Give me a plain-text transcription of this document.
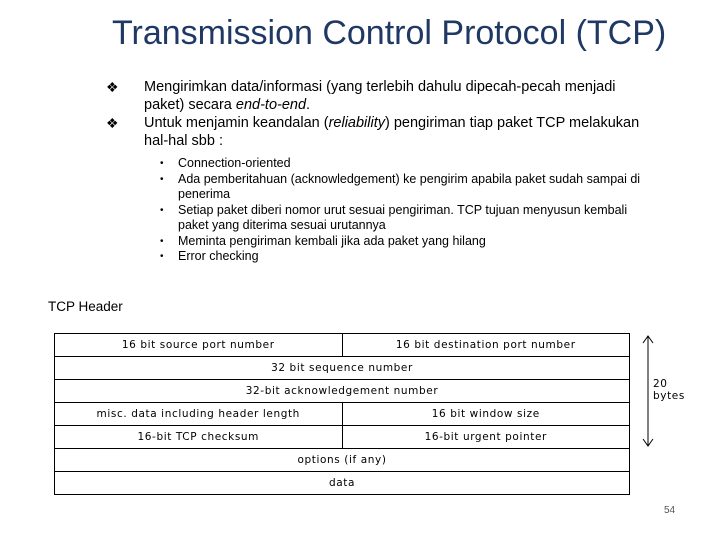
Transmission Control Protocol (TCP)
❖ Mengirimkan data/informasi (yang terlebih dahulu dipecah-pecah menjadi paket) secara end-to-end.
❖ Untuk menjamin keandalan (reliability) pengiriman tiap paket TCP melakukan hal-hal sbb :
• Connection-oriented
• Ada pemberitahuan (acknowledgement) ke pengirim apabila paket sudah sampai di penerima
• Setiap paket diberi nomor urut sesuai pengiriman. TCP tujuan menyusun kembali paket yang diterima sesuai urutannya
• Meminta pengiriman kembali jika ada paket yang hilang
• Error checking
TCP Header
16 bit source port number	16 bit destination port number
32 bit sequence number	
32-bit acknowledgement number	
misc. data including header length	16 bit window size
16-bit TCP checksum	16-bit urgent pointer
options (if any)	
data	
20
bytes
54
